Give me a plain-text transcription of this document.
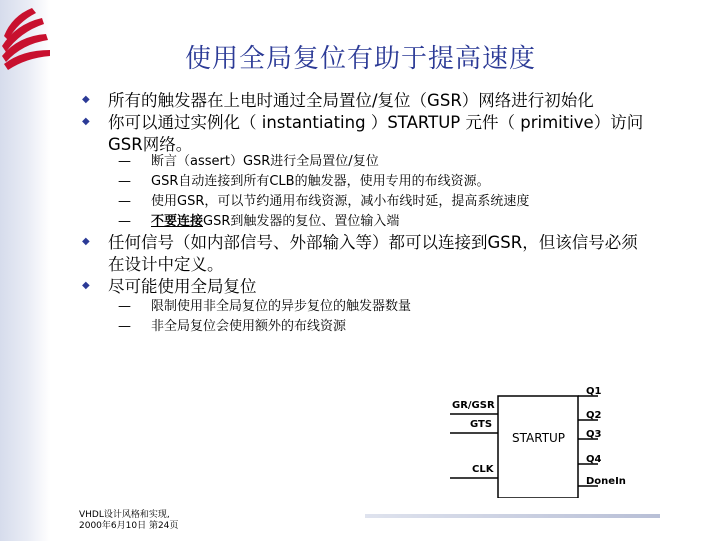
使用全局复位有助于提高速度
◆
所有的触发器在上电时通过全局置位/复位（GSR）网络进行初始化
◆
你可以通过实例化（ instantiating ）STARTUP 元件（ primitive）访问GSR网络。
— 断言（assert）GSR进行全局置位/复位
— GSR自动连接到所有CLB的触发器，使用专用的布线资源。
— 使用GSR，可以节约通用布线资源，减小布线时延，提高系统速度
— 不要连接GSR到触发器的复位、置位输入端
◆
任何信号（如内部信号、外部输入等）都可以连接到GSR，但该信号必须在设计中定义。
◆
尽可能使用全局复位
— 限制使用非全局复位的异步复位的触发器数量
— 非全局复位会使用额外的布线资源
GR/GSR
GTS
CLK
STARTUP
Q1
Q2
Q3
Q4
DoneIn
VHDL设计风格和实现,
2000年6月10日 第24页
